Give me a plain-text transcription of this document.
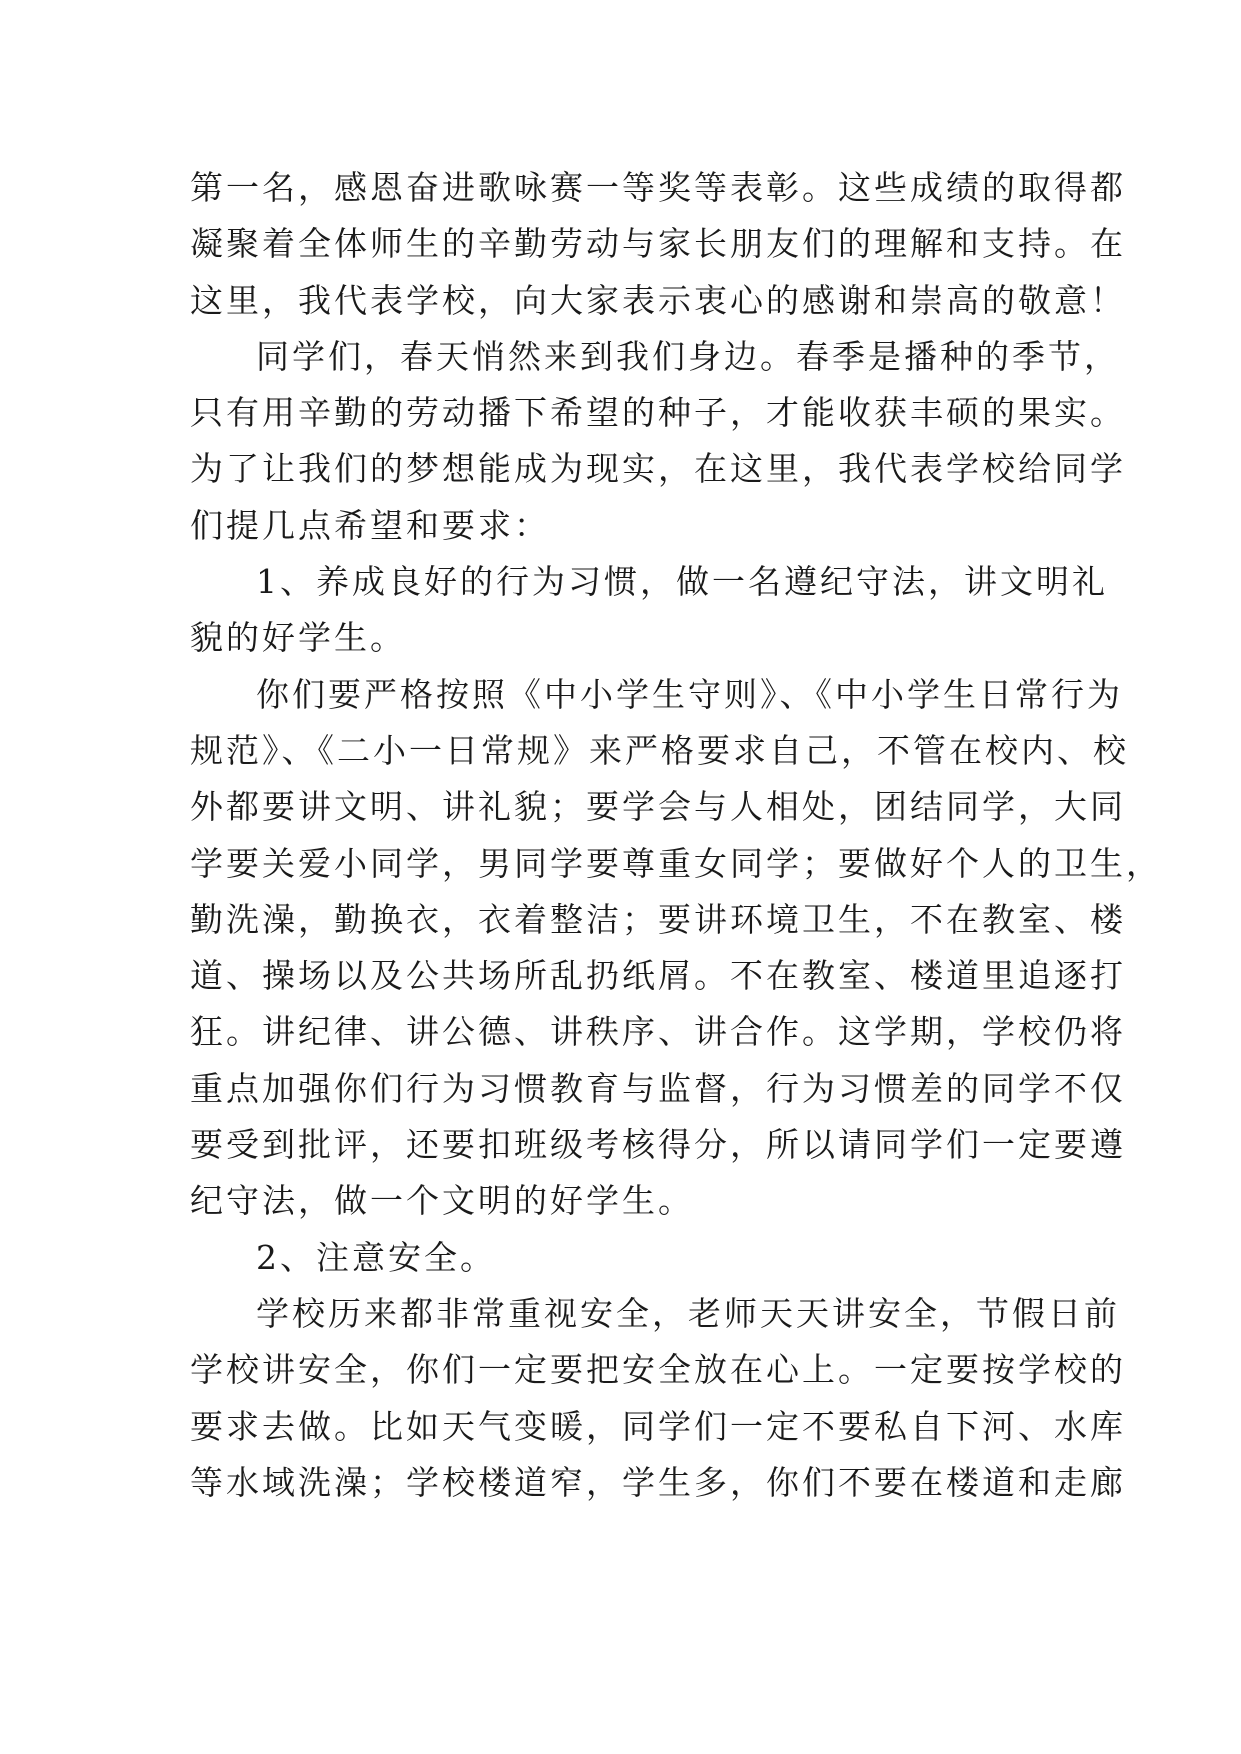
第一名，感恩奋进歌咏赛一等奖等表彰。这些成绩的取得都
凝聚着全体师生的辛勤劳动与家长朋友们的理解和支持。在
这里，我代表学校，向大家表示衷心的感谢和崇高的敬意！
同学们，春天悄然来到我们身边。春季是播种的季节，
只有用辛勤的劳动播下希望的种子，才能收获丰硕的果实。
为了让我们的梦想能成为现实，在这里，我代表学校给同学
们提几点希望和要求：
1、养成良好的行为习惯，做一名遵纪守法，讲文明礼
貌的好学生。
你们要严格按照《中小学生守则》、《中小学生日常行为
规范》、《二小一日常规》来严格要求自己，不管在校内、校
外都要讲文明、讲礼貌；要学会与人相处，团结同学，大同
学要关爱小同学，男同学要尊重女同学；要做好个人的卫生，
勤洗澡，勤换衣，衣着整洁；要讲环境卫生，不在教室、楼
道、操场以及公共场所乱扔纸屑。不在教室、楼道里追逐打
狂。讲纪律、讲公德、讲秩序、讲合作。这学期，学校仍将
重点加强你们行为习惯教育与监督，行为习惯差的同学不仅
要受到批评，还要扣班级考核得分，所以请同学们一定要遵
纪守法，做一个文明的好学生。
2、注意安全。
学校历来都非常重视安全，老师天天讲安全，节假日前
学校讲安全，你们一定要把安全放在心上。一定要按学校的
要求去做。比如天气变暖，同学们一定不要私自下河、水库
等水域洗澡；学校楼道窄，学生多，你们不要在楼道和走廊
